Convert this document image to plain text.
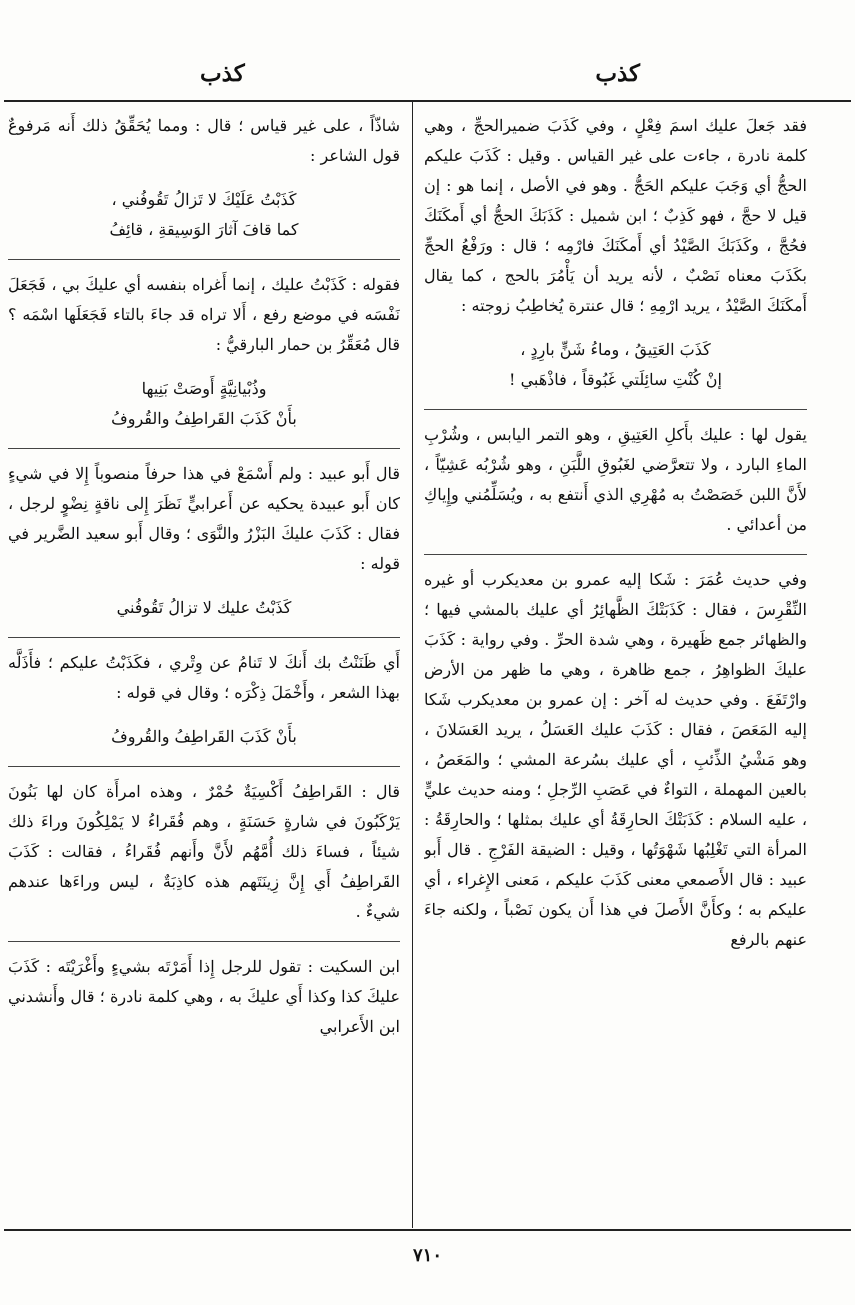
كذب
كذب

فقد جَعلَ عليك اسمَ فِعْلٍ ، وفي كَذَبَ ضميرالحجِّ ، وهي كلمة نادرة ، جاءت على غير القياس . وقيل : كَذَبَ عليكم الحجُّ أي وَجَبَ عليكم الحَجُّ . وهو في الأصل ، إنما هو : إن قيل لا حجَّ ، فهو كَذِبٌ ؛ ابن شميل : كَذَبَكَ الحجُّ أي أَمكَنَكَ فحُجَّ ، وكَذَبَكَ الصَّيْدُ أي أَمكَنَكَ فارْمِه ؛ قال : ورَفْعُ الحجِّ بكَذَبَ معناه نَصْبٌ ، لأنه يريد أن يَأْمُرَ بالحج ، كما يقال أَمكَنَكَ الصَّيْدُ ، يريد ارْمِهِ ؛ قال عنترة يُخاطِبُ زوجته :

كَذَبَ العَتِيقُ ، وماءُ شَنٍّ بارِدٍ ،
إنْ كُنْتِ سائِلَتي غَبُوقاً ، فاذْهَبي !

يقول لها : عليك بأَكلِ العَتِيقِ ، وهو التمر اليابس ، وشُرْبِ الماءِ البارد ، ولا تتعرَّضي لغَبُوقِ اللَّبَنِ ، وهو شُرْبُه عَشِيّاً ، لأَنَّ اللبن خَصَصْتُ به مُهْرِي الذي أَنتفع به ، ويُسَلِّمُني وإِياكِ من أعدائي .

وفي حديث عُمَرَ : شَكا إليه عمرو بن معديكرب أو غيره النِّقْرِسَ ، فقال : كَذَبَتْكَ الظَّهائِرُ أي عليك بالمشي فيها ؛ والظهائر جمع ظَهيرة ، وهي شدة الحرِّ . وفي رواية : كَذَبَ عليكَ الظواهِرُ ، جمع ظاهرة ، وهي ما ظهر من الأرض وارْتَفَعَ . وفي حديث له آخر : إن عمرو بن معديكرب شَكا إليه المَعَصَ ، فقال : كَذَبَ عليك العَسَلُ ، يريد العَسَلانَ ، وهو مَشْيُ الذِّئبِ ، أي عليك بسُرعة المشي ؛ والمَعَصُ ، بالعين المهملة ، التواءٌ في عَصَبِ الرِّجلِ ؛ ومنه حديث عليٍّ ، عليه السلام : كَذَبَتْكَ الحارِقَةُ أي عليك بمثلها ؛ والحارِقَةُ : المرأة التي تَغْلِبُها شَهْوَتُها ، وقيل : الضيقة الفَرْجِ . قال أَبو عبيد : قال الأَصمعي معنى كَذَبَ عليكم ، مَعنى الإِغراء ، أي عليكم به ؛ وكأَنَّ الأَصلَ في هذا أَن يكون نَصْباً ، ولكنه جاءَ عنهم بالرفع

شاذّاً ، على غير قياس ؛ قال : ومما يُحَقِّقُ ذلك أَنه مَرفوعٌ قول الشاعر :

كَذَبْتُ عَلَيْكَ لا تَزالُ تَقُوفُني ،
كما قافَ آثارَ الوَسِيقةِ ، قائِفُ

فقوله : كَذَبْتُ عليك ، إنما أَغراه بنفسه أي عليكَ بي ، فَجَعَلَ نَفْسَه في موضع رفع ، أَلا تراه قد جاءَ بالتاء فَجَعَلَها اسْمَه ؟ قال مُعَقِّرُ بن حمار البارقيُّ :

وذُبْيانِيَّةٍ أَوصَتْ بَنِيها
بأَنْ كَذَبَ القَراطِفُ والقُروفُ

قال أَبو عبيد : ولم أَسْمَعْ في هذا حرفاً منصوباً إِلا في شيءٍ كان أَبو عبيدة يحكيه عن أَعرابيٍّ نَظَرَ إِلى ناقةٍ نِضْوٍ لرجل ، فقال : كَذَبَ عليكَ البَزْرُ والنَّوَى ؛ وقال أَبو سعيد الضَّرير في قوله :

كَذَبْتُ عليك لا تزالُ تَقُوفُني

أَي ظَنَنْتُ بك أَنكَ لا تَنامُ عن وِتْري ، فكَذَبْتُ عليكم ؛ فأَذَلَّه بهذا الشعر ، وأَخْمَلَ ذِكْرَه ؛ وقال في قوله :

بأَنْ كَذَبَ القَراطِفُ والقُروفُ

قال : القَراطِفُ أَكْسِيَةٌ حُمْرٌ ، وهذه امرأَة كان لها بَنُونَ يَرْكَبُونَ في شارةٍ حَسَنَةٍ ، وهم فُقَراءُ لا يَمْلِكُونَ وراءَ ذلك شيئاً ، فساءَ ذلك أُمَّهُم لأَنَّ وأَنهم فُقَراءُ ، فقالت : كَذَبَ القَراطِفُ أَي إِنَّ زِينَتَهم هذه كاذِبَةٌ ، ليس وراءَها عندهم شيءٌ .

ابن السكيت : تقول للرجل إِذا أَمَرْتَه بشيءٍ وأَغْرَيْتَه : كَذَبَ عليكَ كذا وكذا أَي عليكَ به ، وهي كلمة نادرة ؛ قال وأَنشدني ابن الأَعرابي

٧١٠
